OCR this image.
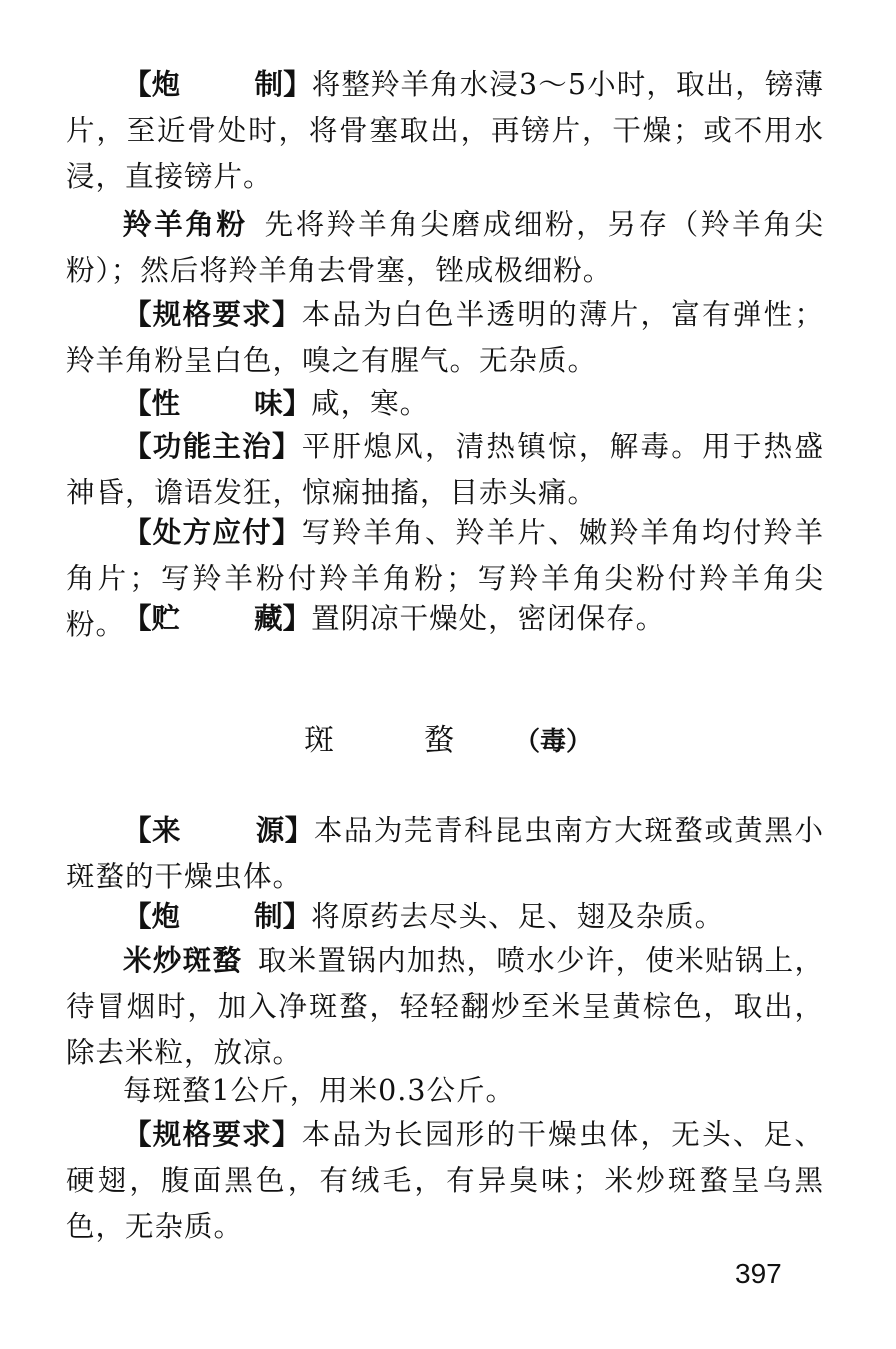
【炮	制】将整羚羊角水浸3～5小时，取出，镑薄片，至近骨处时，将骨塞取出，再镑片，干燥；或不用水浸，直接镑片。

羚羊角粉  先将羚羊角尖磨成细粉，另存（羚羊角尖粉）；然后将羚羊角去骨塞，锉成极细粉。

【规格要求】本品为白色半透明的薄片，富有弹性；羚羊角粉呈白色，嗅之有腥气。无杂质。

【性	味】咸，寒。

【功能主治】平肝熄风，清热镇惊，解毒。用于热盛神昏，谵语发狂，惊痫抽搐，目赤头痛。

【处方应付】写羚羊角、羚羊片、嫩羚羊角均付羚羊角片；写羚羊粉付羚羊角粉；写羚羊角尖粉付羚羊角尖粉。

【贮	藏】置阴凉干燥处，密闭保存。

斑	蝥 （毒）

【来	源】本品为芫青科昆虫南方大斑蝥或黄黑小斑蝥的干燥虫体。

【炮	制】将原药去尽头、足、翅及杂质。

米炒斑蝥  取米置锅内加热，喷水少许，使米贴锅上，待冒烟时，加入净斑蝥，轻轻翻炒至米呈黄棕色，取出，除去米粒，放凉。

每斑蝥1公斤，用米0.3公斤。

【规格要求】本品为长园形的干燥虫体，无头、足、硬翅，腹面黑色，有绒毛，有异臭味；米炒斑蝥呈乌黑色，无杂质。

397
